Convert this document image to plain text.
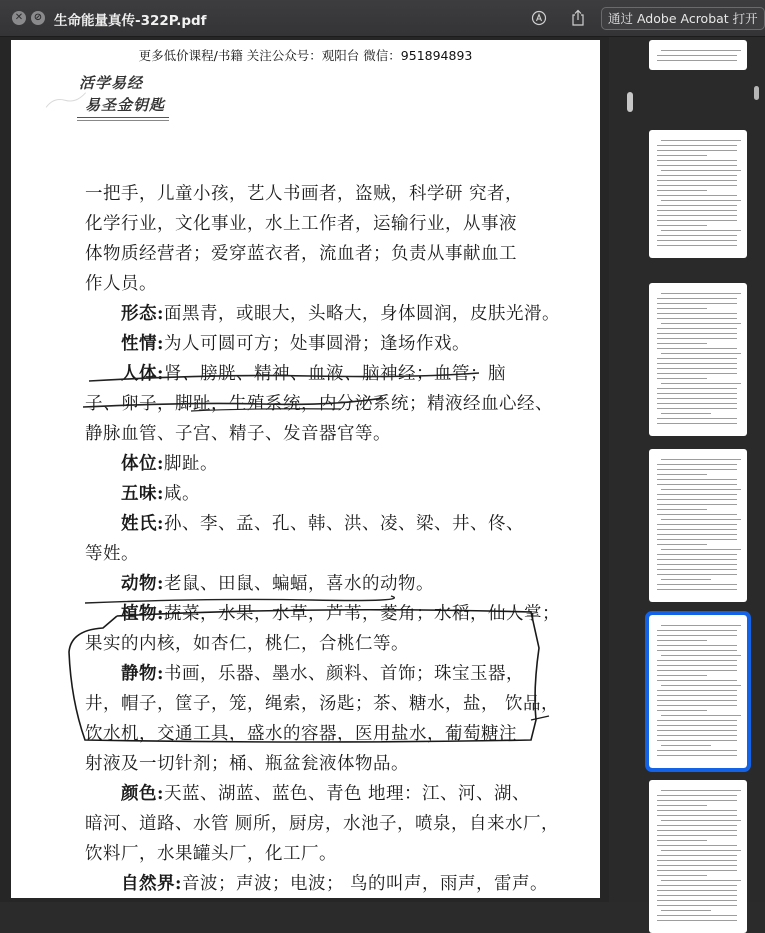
✕ ⊘ 生命能量真传-322P.pdf	通过 Adobe Acrobat 打开
更多低价课程/书籍 关注公众号：观阳台 微信：951894893
活学易经
易圣金钥匙
一把手，儿童小孩，艺人书画者，盗贼，科学研 究者，
化学行业，文化事业，水上工作者，运输行业，从事液
体物质经营者；爱穿蓝衣者，流血者；负责从事献血工
作人员。
形态:面黑青，或眼大，头略大，身体圆润，皮肤光滑。
性情:为人可圆可方；处事圆滑；逢场作戏。
人体:肾、膀胱、精神、血液、脑神经；血管；脑
子、卵子，脚趾，生殖系统，内分泌系统；精液经血心经、
静脉血管、子宫、精子、发音器官等。
体位:脚趾。
五味:咸。
姓氏:孙、李、孟、孔、韩、洪、凌、梁、井、佟、
等姓。
动物:老鼠、田鼠、蝙蝠，喜水的动物。
植物:蔬菜，水果，水草，芦苇，菱角；水稻，仙人掌；
果实的内核，如杏仁，桃仁，合桃仁等。
静物:书画，乐器、墨水、颜料、首饰；珠宝玉器，
井，帽子，筐子，笼，绳索，汤匙；茶、糖水，盐， 饮品，
饮水机，交通工具，盛水的容器，医用盐水，葡萄糖注
射液及一切针剂；桶、瓶盆瓮液体物品。
颜色:天蓝、湖蓝、蓝色、青色 地理：江、河、湖、
暗河、道路、水管 厕所，厨房，水池子，喷泉，自来水厂，
饮料厂，水果罐头厂，化工厂。
自然界:音波；声波；电波； 鸟的叫声，雨声，雷声。
